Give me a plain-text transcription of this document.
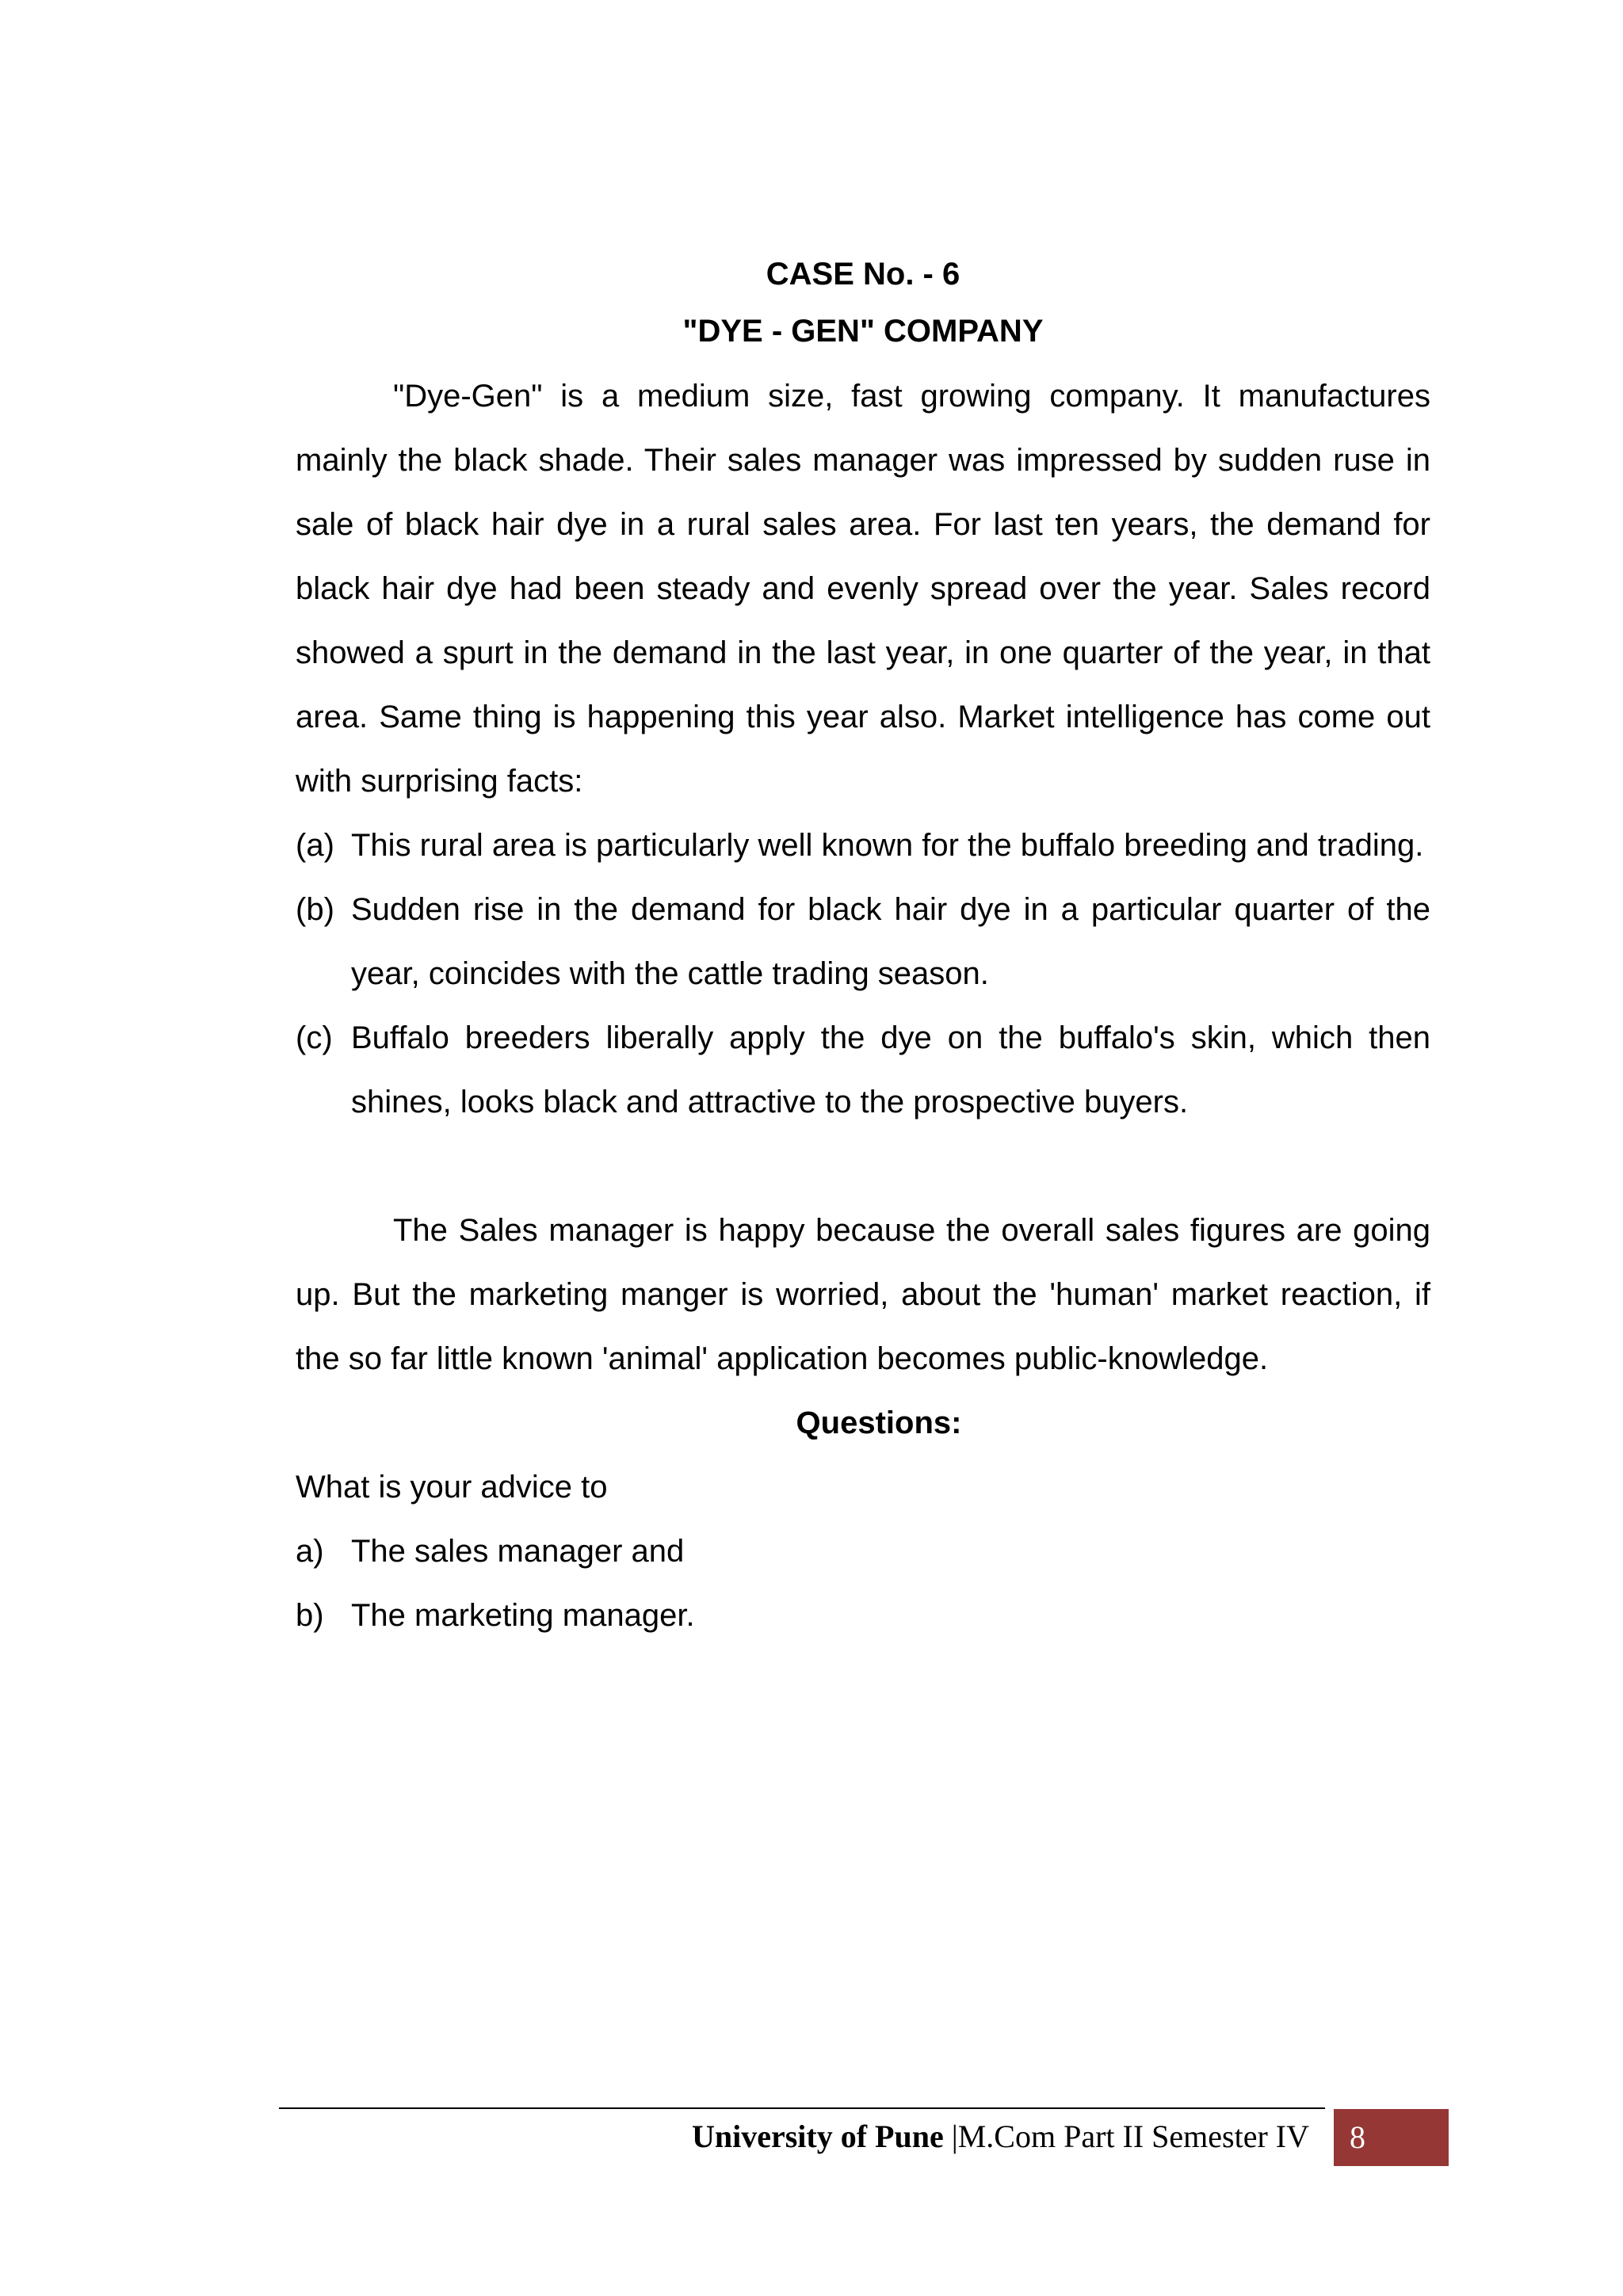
CASE No. - 6

"DYE - GEN" COMPANY

"Dye-Gen" is a medium size, fast growing company. It manufactures mainly the black shade. Their sales manager was impressed by sudden ruse in sale of black hair dye in a rural sales area. For last ten years, the demand for black hair dye had been steady and evenly spread over the year. Sales record showed a spurt in the demand in the last year, in one quarter of the year, in that area. Same thing is happening this year also. Market intelligence has come out with surprising facts:

(a) This rural area is particularly well known for the buffalo breeding and trading.
(b) Sudden rise in the demand for black hair dye in a particular quarter of the year, coincides with the cattle trading season.
(c) Buffalo breeders liberally apply the dye on the buffalo's skin, which then shines, looks black and attractive to the prospective buyers.

The Sales manager is happy because the overall sales figures are going up. But the marketing manger is worried, about the 'human' market reaction, if the so far little known 'animal' application becomes public-knowledge.

Questions:

What is your advice to

a) The sales manager and
b) The marketing manager.
University of Pune |M.Com Part II Semester IV	8
